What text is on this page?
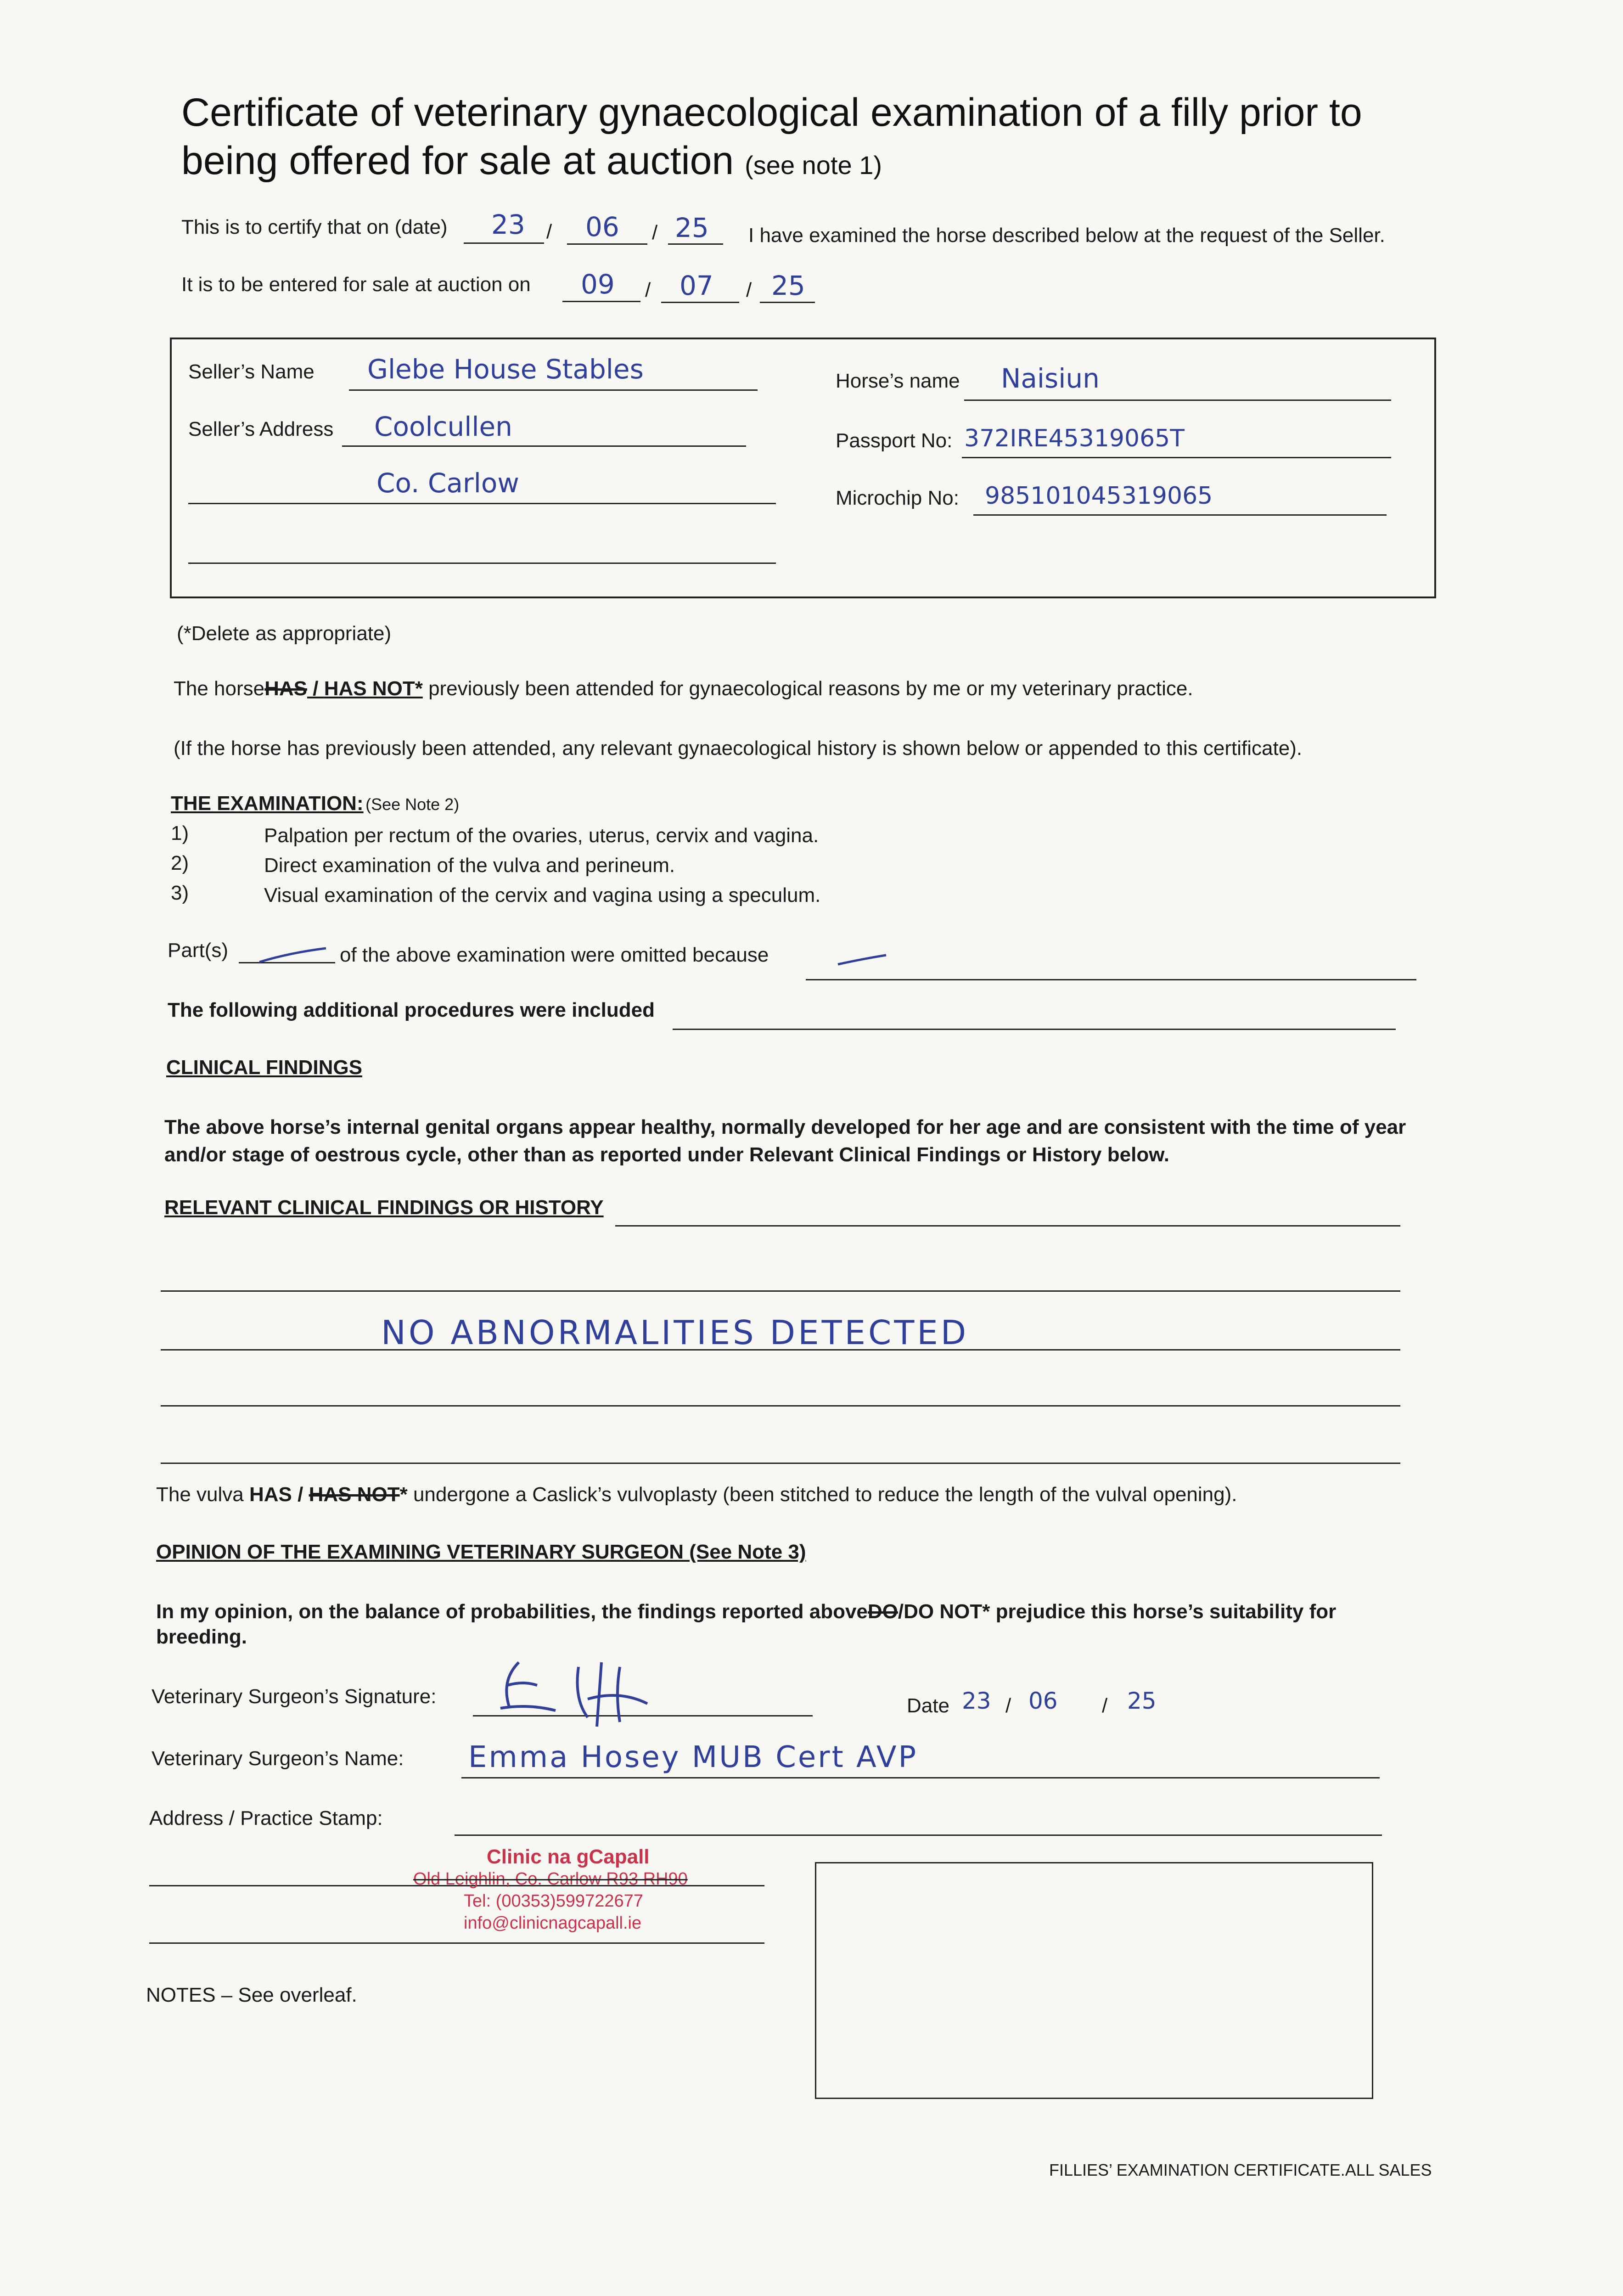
Certificate of veterinary gynaecological examination of a filly prior to
being offered for sale at auction (see note 1)
This is to certify that on (date) 23 / 06 / 25 I have examined the horse described below at the request of the Seller.
It is to be entered for sale at auction on 09 / 07 / 25
Seller’s Name Glebe House Stables
Seller’s Address Coolcullen
Co. Carlow
Horse’s name Naisiun
Passport No: 372IRE45319065T
Microchip No: 985101045319065
(*Delete as appropriate)
The horseHAS / HAS NOT* previously been attended for gynaecological reasons by me or my veterinary practice.
(If the horse has previously been attended, any relevant gynaecological history is shown below or appended to this certificate).
THE EXAMINATION: (See Note 2)
1)	Palpation per rectum of the ovaries, uterus, cervix and vagina.
2)	Direct examination of the vulva and perineum.
3)	Visual examination of the cervix and vagina using a speculum.
Part(s)	of the above examination were omitted because
The following additional procedures were included
CLINICAL FINDINGS
The above horse’s internal genital organs appear healthy, normally developed for her age and are consistent with the time of year
and/or stage of oestrous cycle, other than as reported under Relevant Clinical Findings or History below.
RELEVANT CLINICAL FINDINGS OR HISTORY
NO ABNORMALITIES DETECTED
The vulva HAS / HAS NOT* undergone a Caslick’s vulvoplasty (been stitched to reduce the length of the vulval opening).
OPINION OF THE EXAMINING VETERINARY SURGEON (See Note 3)
In my opinion, on the balance of probabilities, the findings reported aboveDO/DO NOT* prejudice this horse’s suitability for
breeding.
Veterinary Surgeon’s Signature:	Date 23 / 06 / 25
Veterinary Surgeon’s Name: Emma Hosey MUB Cert AVP
Address / Practice Stamp:
Clinic na gCapall
Old Leighlin, Co. Carlow R93 RH90
Tel: (00353)599722677
info@clinicnagcapall.ie
NOTES – See overleaf.
FILLIES’ EXAMINATION CERTIFICATE.ALL SALES
